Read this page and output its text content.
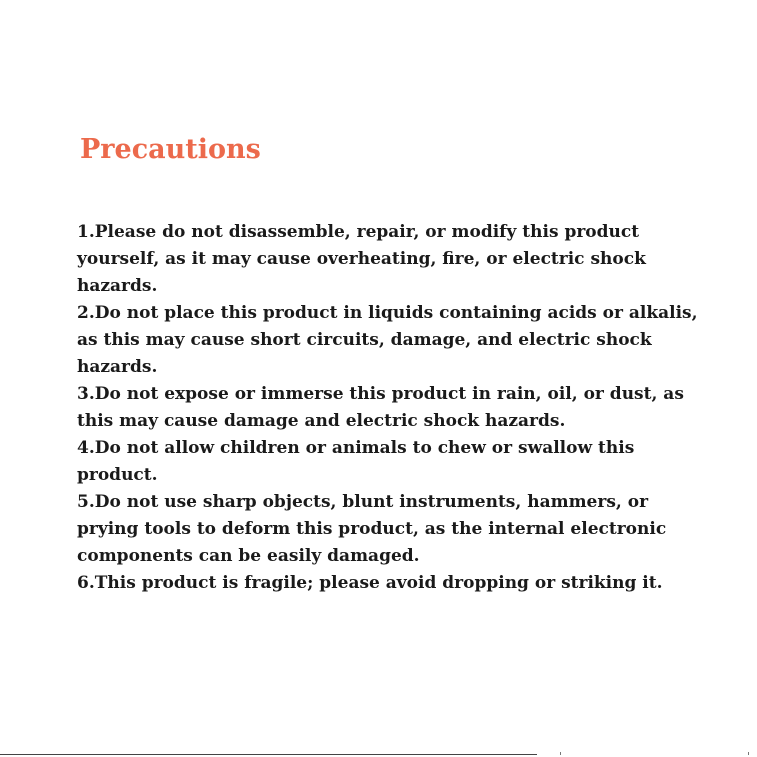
Precautions
1.Please do not disassemble, repair, or modify this product
yourself, as it may cause overheating, fire, or electric shock
hazards.
2.Do not place this product in liquids containing acids or alkalis,
as this may cause short circuits, damage, and electric shock
hazards.
3.Do not expose or immerse this product in rain, oil, or dust, as
this may cause damage and electric shock hazards.
4.Do not allow children or animals to chew or swallow this
product.
5.Do not use sharp objects, blunt instruments, hammers, or
prying tools to deform this product, as the internal electronic
components can be easily damaged.
6.This product is fragile; please avoid dropping or striking it.
